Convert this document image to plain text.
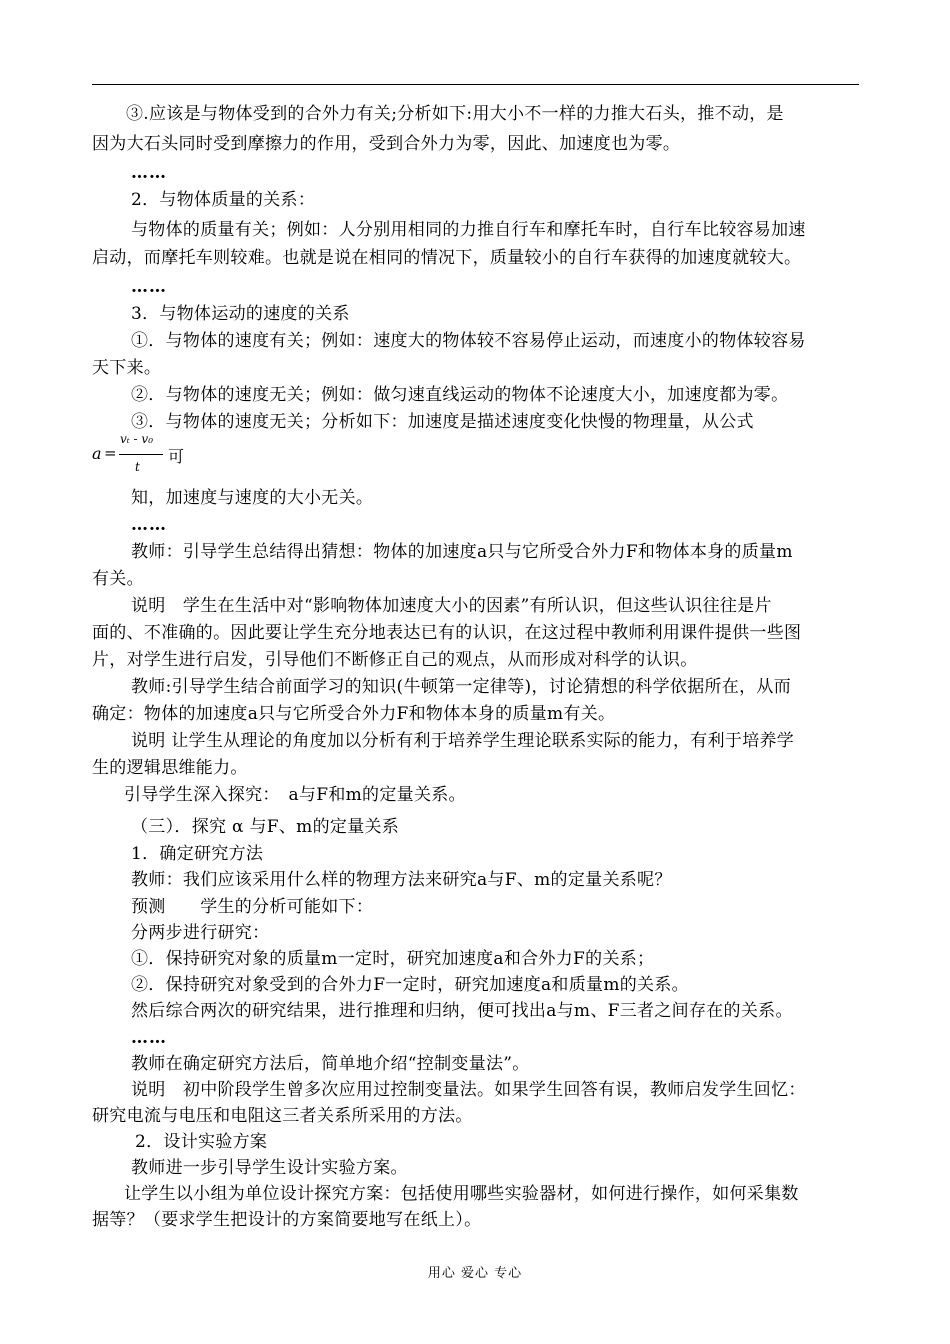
③.应该是与物体受到的合外力有关;分析如下:用大小不一样的力推大石头，推不动，是
因为大石头同时受到摩擦力的作用，受到合外力为零，因此、加速度也为零。
……
2．与物体质量的关系：
与物体的质量有关；例如：人分别用相同的力推自行车和摩托车时，自行车比较容易加速
启动，而摩托车则较难。也就是说在相同的情况下，质量较小的自行车获得的加速度就较大。
……
3．与物体运动的速度的关系
①．与物体的速度有关；例如：速度大的物体较不容易停止运动，而速度小的物体较容易
天下来。
②．与物体的速度无关；例如：做匀速直线运动的物体不论速度大小，加速度都为零。
③．与物体的速度无关；分析如下：加速度是描述速度变化快慢的物理量，从公式
知，加速度与速度的大小无关。
……
教师：引导学生总结得出猜想：物体的加速度a只与它所受合外力F和物体本身的质量m
有关。
说明　学生在生活中对“影响物体加速度大小的因素”有所认识，但这些认识往往是片
面的、不准确的。因此要让学生充分地表达已有的认识，在这过程中教师利用课件提供一些图
片，对学生进行启发，引导他们不断修正自己的观点，从而形成对科学的认识。
教师:引导学生结合前面学习的知识(牛顿第一定律等)，讨论猜想的科学依据所在，从而
确定：物体的加速度a只与它所受合外力F和物体本身的质量m有关。
说明 让学生从理论的角度加以分析有利于培养学生理论联系实际的能力，有利于培养学
生的逻辑思维能力。
引导学生深入探究：　a与F和m的定量关系。
（三）．探究 α 与F、m的定量关系
1．确定研究方法
教师：我们应该采用什么样的物理方法来研究a与F、m的定量关系呢？
预测　　学生的分析可能如下：
分两步进行研究：
①．保持研究对象的质量m一定时，研究加速度a和合外力F的关系；
②．保持研究对象受到的合外力F一定时，研究加速度a和质量m的关系。
然后综合两次的研究结果，进行推理和归纳，便可找出a与m、F三者之间存在的关系。
……
教师在确定研究方法后，简单地介绍“控制变量法”。
说明　初中阶段学生曾多次应用过控制变量法。如果学生回答有误，教师启发学生回忆：
研究电流与电压和电阻这三者关系所采用的方法。
2．设计实验方案
教师进一步引导学生设计实验方案。
让学生以小组为单位设计探究方案：包括使用哪些实验器材，如何进行操作，如何采集数
据等？（要求学生把设计的方案简要地写在纸上）。
a =
vₜ - v₀
t
可
用心 爱心 专心
